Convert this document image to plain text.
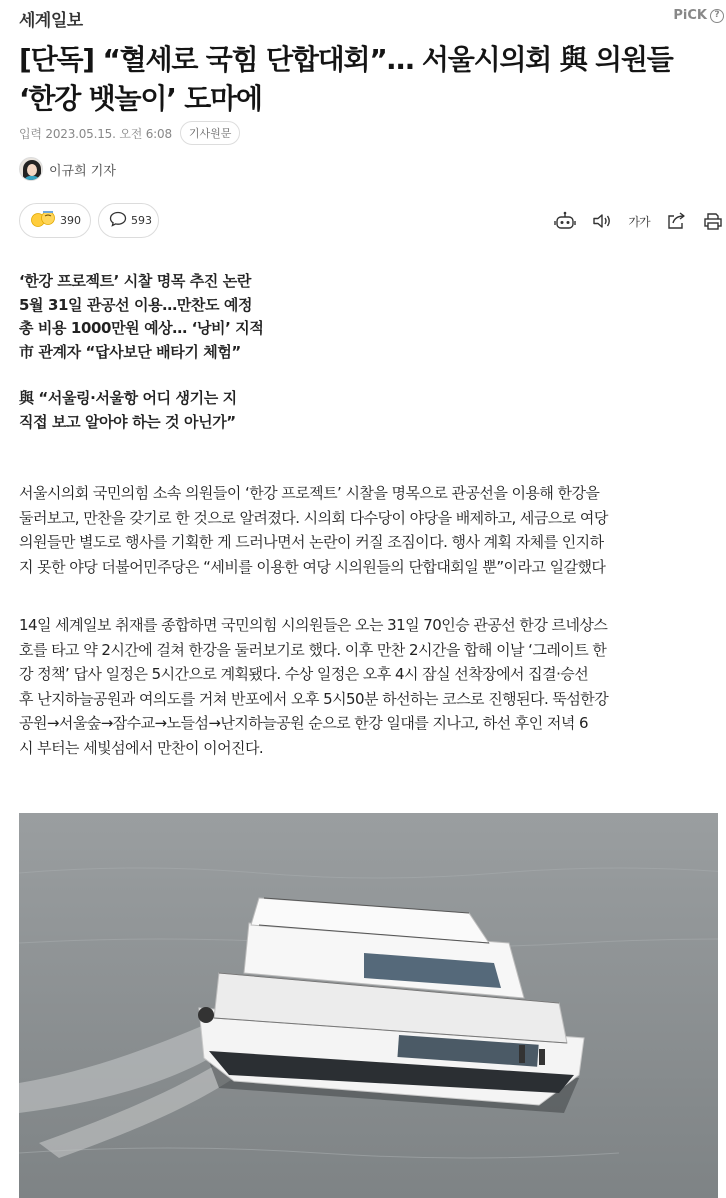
세계일보	PiCK ?
[단독] “혈세로 국힘 단합대회”… 서울시의회 與 의원들
‘한강 뱃놀이’ 도마에
입력 2023.05.15. 오전 6:08	기사원문
이규희 기자
390	593	가가
‘한강 프로젝트’ 시찰 명목 추진 논란
5월 31일 관공선 이용…만찬도 예정
총 비용 1000만원 예상… ‘낭비’ 지적
市 관계자 “답사보단 배타기 체험”
與 “서울링·서울항 어디 생기는 지
직접 보고 알아야 하는 것 아닌가”
서울시의회 국민의힘 소속 의원들이 ‘한강 프로젝트’ 시찰을 명목으로 관공선을 이용해 한강을
둘러보고, 만찬을 갖기로 한 것으로 알려졌다. 시의회 다수당이 야당을 배제하고, 세금으로 여당
의원들만 별도로 행사를 기획한 게 드러나면서 논란이 커질 조짐이다. 행사 계획 자체를 인지하
지 못한 야당 더불어민주당은 “세비를 이용한 여당 시의원들의 단합대회일 뿐”이라고 일갈했다
14일 세계일보 취재를 종합하면 국민의힘 시의원들은 오는 31일 70인승 관공선 한강 르네상스
호를 타고 약 2시간에 걸쳐 한강을 둘러보기로 했다. 이후 만찬 2시간을 합해 이날 ‘그레이트 한
강 정책’ 답사 일정은 5시간으로 계획됐다. 수상 일정은 오후 4시 잠실 선착장에서 집결·승선
후 난지하늘공원과 여의도를 거쳐 반포에서 오후 5시50분 하선하는 코스로 진행된다. 뚝섬한강
공원→서울숲→잠수교→노들섬→난지하늘공원 순으로 한강 일대를 지나고, 하선 후인 저녁 6
시 부터는 세빛섬에서 만찬이 이어진다.
